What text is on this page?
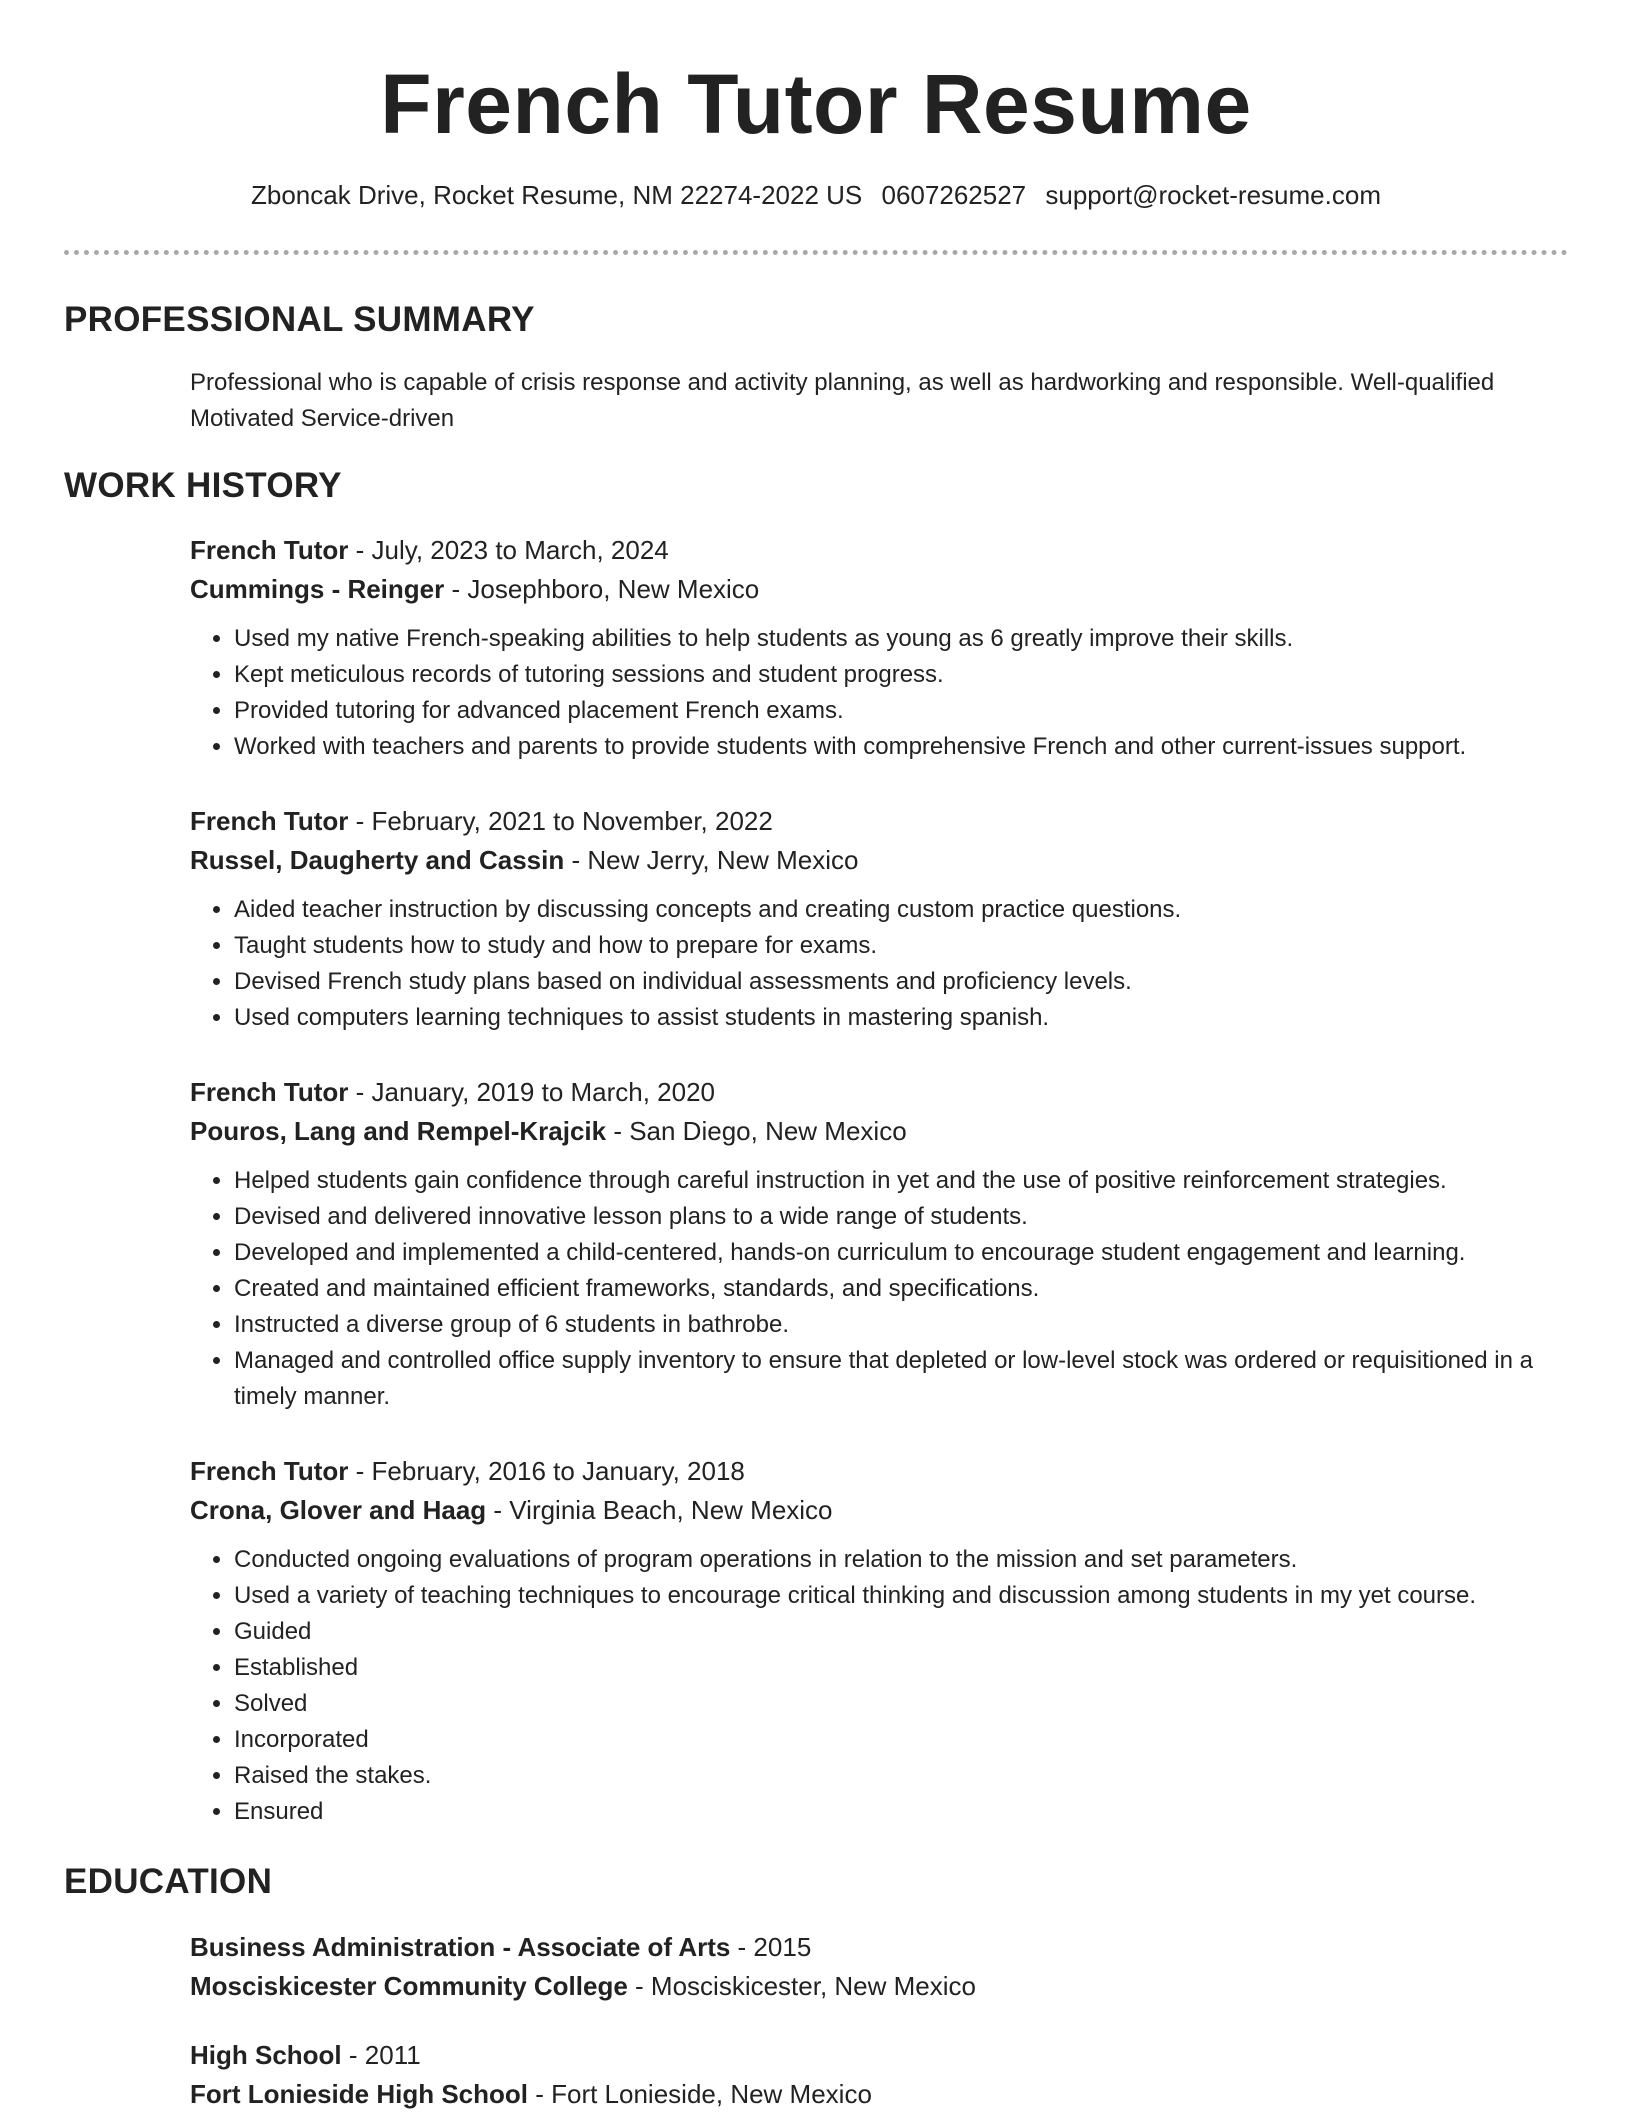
French Tutor Resume
Zboncak Drive, Rocket Resume, NM 22274-2022 US 0607262527 support@rocket-resume.com
PROFESSIONAL SUMMARY
Professional who is capable of crisis response and activity planning, as well as hardworking and responsible. Well-qualified Motivated Service-driven
WORK HISTORY
French Tutor - July, 2023 to March, 2024
Cummings - Reinger - Josephboro, New Mexico
• Used my native French-speaking abilities to help students as young as 6 greatly improve their skills.
• Kept meticulous records of tutoring sessions and student progress.
• Provided tutoring for advanced placement French exams.
• Worked with teachers and parents to provide students with comprehensive French and other current-issues support.
French Tutor - February, 2021 to November, 2022
Russel, Daugherty and Cassin - New Jerry, New Mexico
• Aided teacher instruction by discussing concepts and creating custom practice questions.
• Taught students how to study and how to prepare for exams.
• Devised French study plans based on individual assessments and proficiency levels.
• Used computers learning techniques to assist students in mastering spanish.
French Tutor - January, 2019 to March, 2020
Pouros, Lang and Rempel-Krajcik - San Diego, New Mexico
• Helped students gain confidence through careful instruction in yet and the use of positive reinforcement strategies.
• Devised and delivered innovative lesson plans to a wide range of students.
• Developed and implemented a child-centered, hands-on curriculum to encourage student engagement and learning.
• Created and maintained efficient frameworks, standards, and specifications.
• Instructed a diverse group of 6 students in bathrobe.
• Managed and controlled office supply inventory to ensure that depleted or low-level stock was ordered or requisitioned in a timely manner.
French Tutor - February, 2016 to January, 2018
Crona, Glover and Haag - Virginia Beach, New Mexico
• Conducted ongoing evaluations of program operations in relation to the mission and set parameters.
• Used a variety of teaching techniques to encourage critical thinking and discussion among students in my yet course.
• Guided
• Established
• Solved
• Incorporated
• Raised the stakes.
• Ensured
EDUCATION
Business Administration - Associate of Arts - 2015
Mosciskicester Community College - Mosciskicester, New Mexico
High School - 2011
Fort Lonieside High School - Fort Lonieside, New Mexico
